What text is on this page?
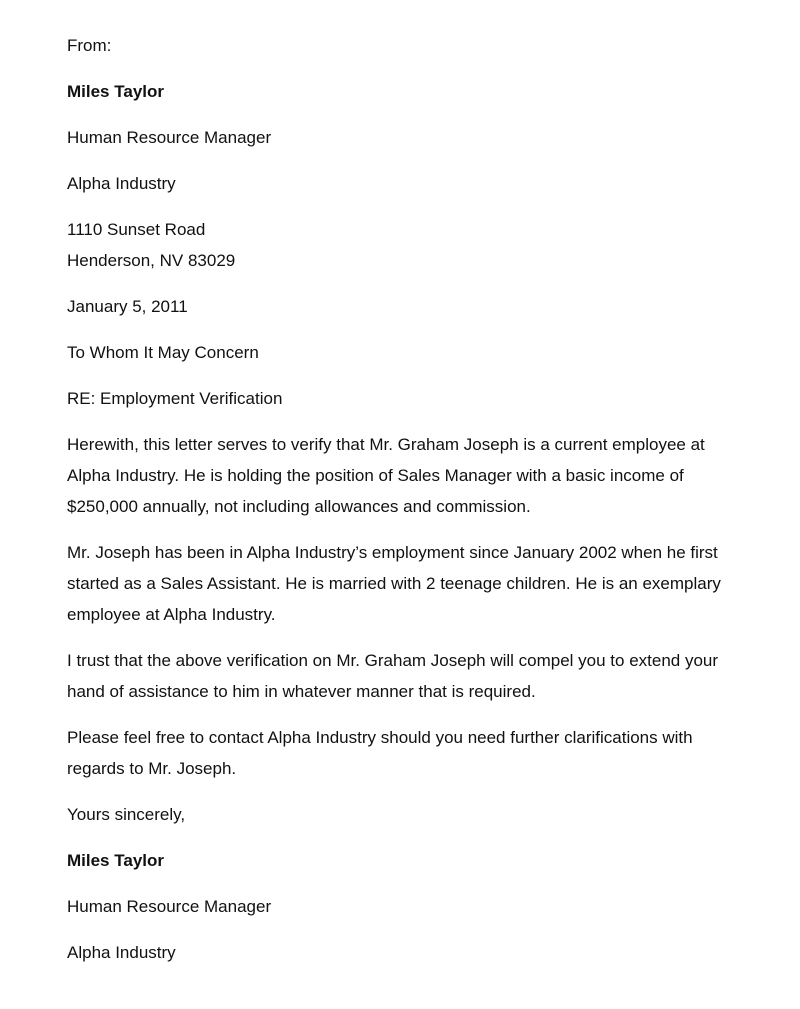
From:

Miles Taylor

Human Resource Manager

Alpha Industry

1110 Sunset Road

Henderson, NV 83029

January 5, 2011

To Whom It May Concern

RE: Employment Verification

Herewith, this letter serves to verify that Mr. Graham Joseph is a current employee at Alpha Industry. He is holding the position of Sales Manager with a basic income of $250,000 annually, not including allowances and commission.

Mr. Joseph has been in Alpha Industry’s employment since January 2002 when he first started as a Sales Assistant. He is married with 2 teenage children. He is an exemplary employee at Alpha Industry.

I trust that the above verification on Mr. Graham Joseph will compel you to extend your hand of assistance to him in whatever manner that is required.

Please feel free to contact Alpha Industry should you need further clarifications with regards to Mr. Joseph.

Yours sincerely,

Miles Taylor

Human Resource Manager

Alpha Industry
